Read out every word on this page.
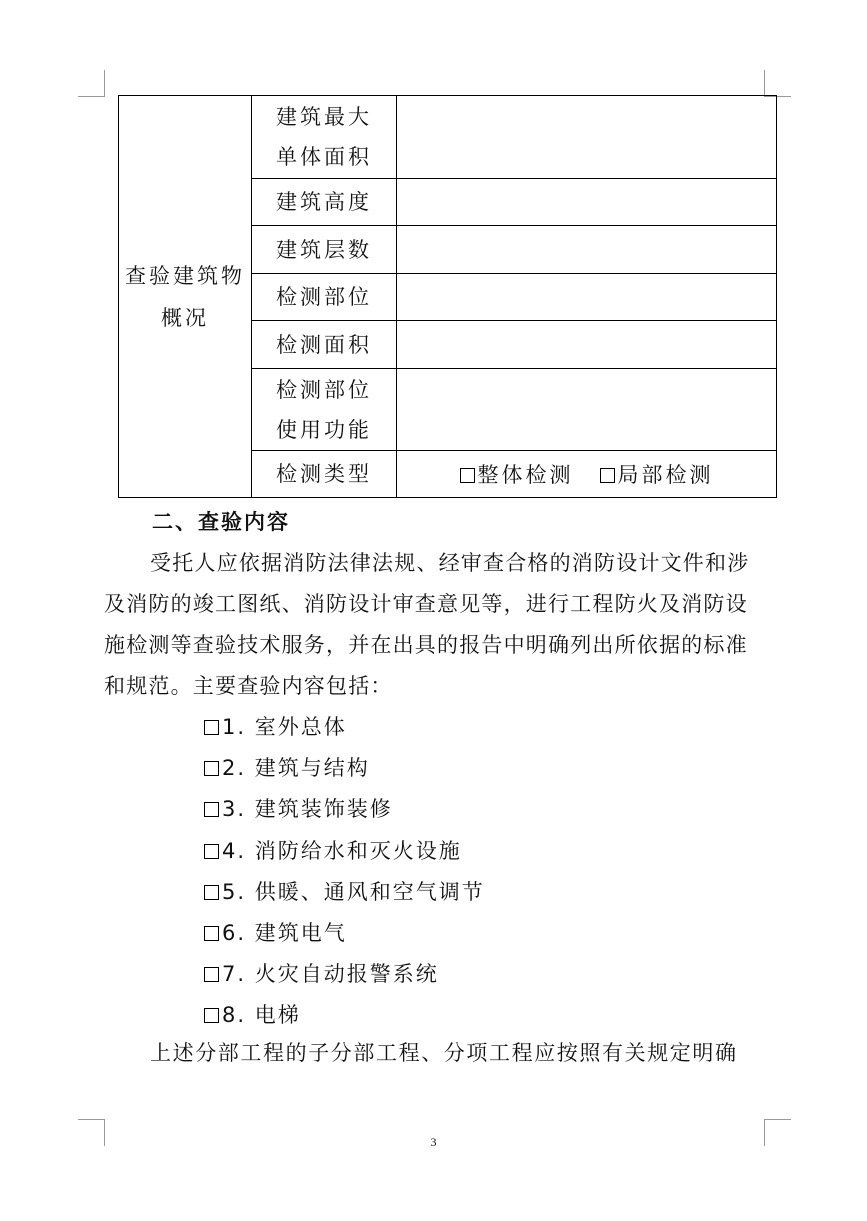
查验建筑物概况	建筑最大单体面积	

	建筑高度	
	建筑层数	
	检测部位	
	检测面积	

	检测部位使用功能	

	检测类型	整体检测 局部检测
二、查验内容
受托人应依据消防法律法规、经审查合格的消防设计文件和涉及消防的竣工图纸、消防设计审查意见等，进行工程防火及消防设施检测等查验技术服务，并在出具的报告中明确列出所依据的标准和规范。主要查验内容包括：
1. 室外总体
2. 建筑与结构
3. 建筑装饰装修
4. 消防给水和灭火设施
5. 供暖、通风和空气调节
6. 建筑电气
7. 火灾自动报警系统
8. 电梯
上述分部工程的子分部工程、分项工程应按照有关规定明确
3
